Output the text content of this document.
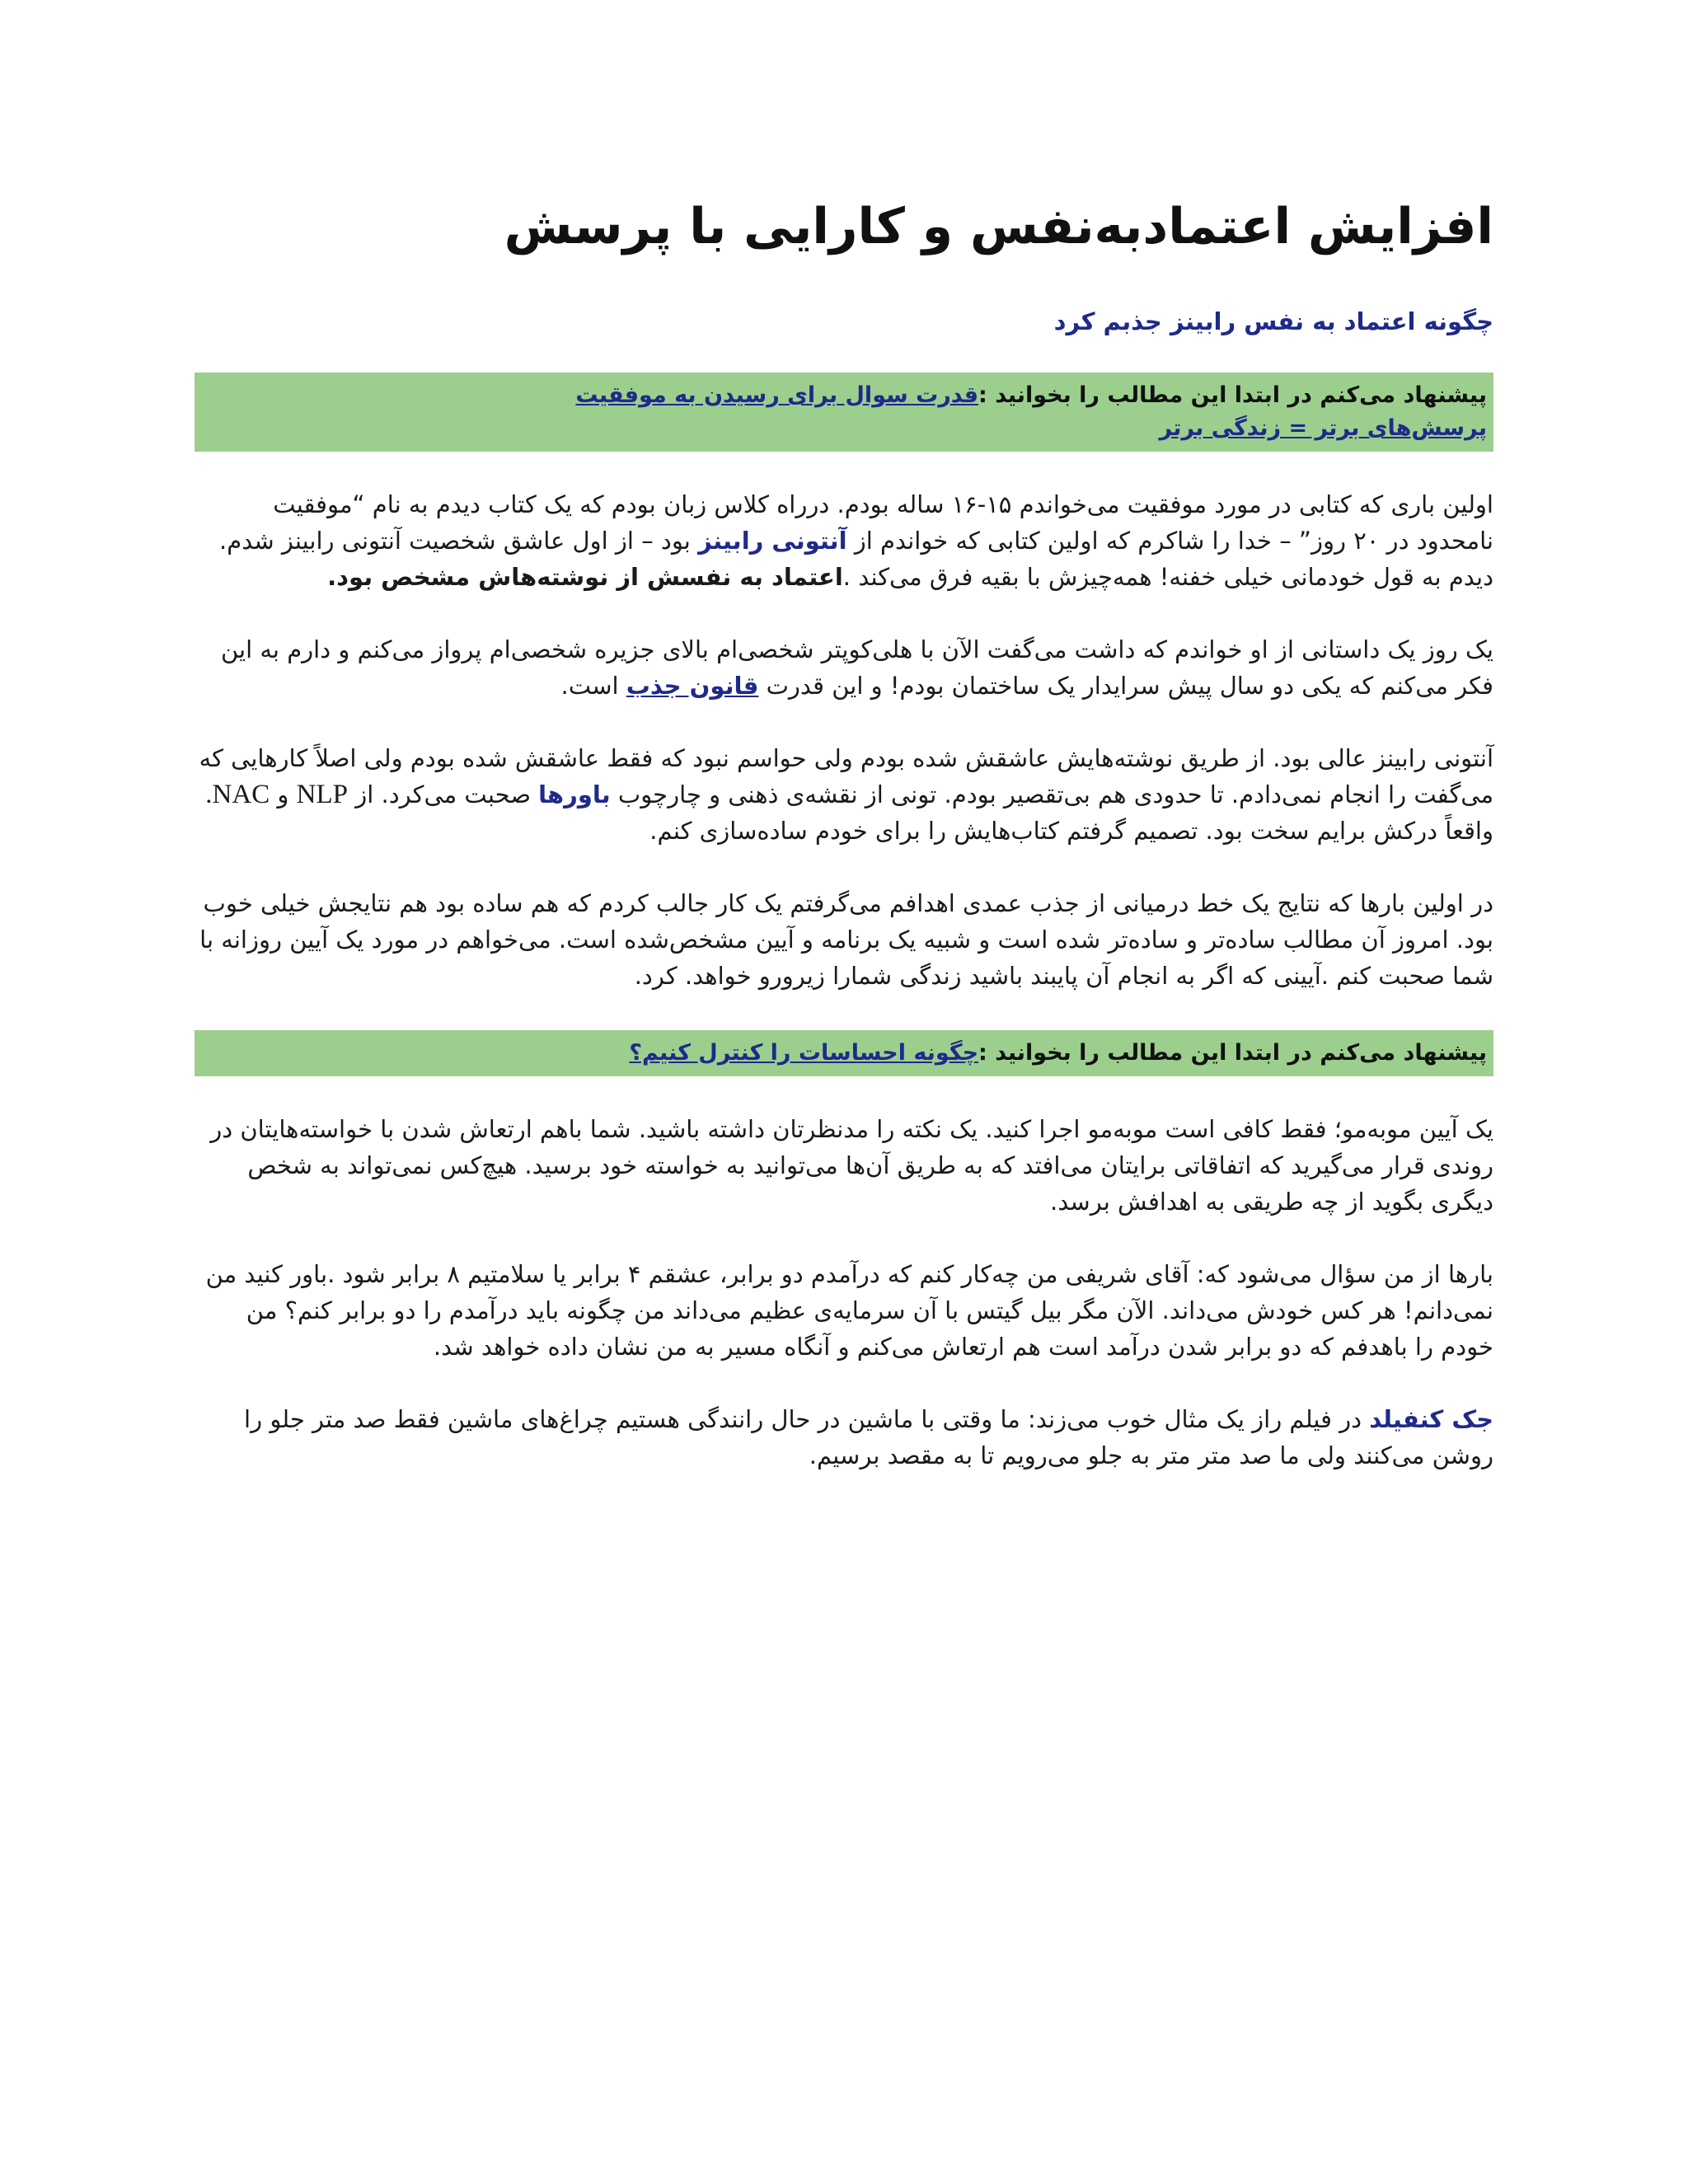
افزایش اعتمادبه‌نفس و کارایی با پرسش
چگونه اعتماد به نفس رابینز جذبم کرد
پیشنهاد می‌کنم در ابتدا این مطالب را بخوانید :قدرت سوال برای رسیدن به موفقیت
پرسش‌های برتر = زندگی برتر

اولین باری که کتابی در مورد موفقیت می‌خواندم ۱۵-۱۶ ساله بودم. درراه کلاس زبان بودم که یک کتاب دیدم به نام “موفقیت نامحدود در ۲۰ روز” – خدا را شاکرم که اولین کتابی که خواندم از آنتونی رابینز بود – از اول عاشق شخصیت آنتونی رابینز شدم. دیدم به قول خودمانی خیلی خفنه! همه‌چیزش با بقیه فرق می‌کند .اعتماد به نفسش از نوشته‌هاش مشخص بود.

یک روز یک داستانی از او خواندم که داشت می‌گفت الآن با هلی‌کوپتر شخصی‌ام بالای جزیره شخصی‌ام پرواز می‌کنم و دارم به این فکر می‌کنم که یکی دو سال پیش سرایدار یک ساختمان بودم! و این قدرت قانون جذب است.

آنتونی رابینز عالی بود. از طریق نوشته‌هایش عاشقش شده بودم ولی حواسم نبود که فقط عاشقش شده بودم ولی اصلاً کارهایی که می‌گفت را انجام نمی‌دادم. تا حدودی هم بی‌تقصیر بودم. تونی از نقشه‌ی ذهنی و چارچوب باورها صحبت می‌کرد. از NLP و NAC. واقعاً درکش برایم سخت بود. تصمیم گرفتم کتاب‌هایش را برای خودم ساده‌سازی کنم.

در اولین بارها که نتایج یک خط درمیانی از جذب عمدی اهدافم می‌گرفتم یک کار جالب کردم که هم ساده بود هم نتایجش خیلی خوب بود. امروز آن مطالب ساده‌تر و ساده‌تر شده است و شبیه یک برنامه و آیین مشخص‌شده است. می‌خواهم در مورد یک آیین روزانه با شما صحبت کنم .آیینی که اگر به انجام آن پایبند باشید زندگی شمارا زیرورو خواهد. کرد.

پیشنهاد می‌کنم در ابتدا این مطالب را بخوانید :چگونه احساسات را کنترل کنیم؟

یک آیین موبه‌مو؛ فقط کافی است موبه‌مو اجرا کنید. یک نکته را مدنظرتان داشته باشید. شما باهم ارتعاش شدن با خواسته‌هایتان در روندی قرار می‌گیرید که اتفاقاتی برایتان می‌افتد که به طریق آن‌ها می‌توانید به خواسته خود برسید. هیچ‌کس نمی‌تواند به شخص دیگری بگوید از چه طریقی به اهدافش برسد.

بارها از من سؤال می‌شود که: آقای شریفی من چه‌کار کنم که درآمدم دو برابر، عشقم ۴ برابر یا سلامتیم ۸ برابر شود .باور کنید من نمی‌دانم! هر کس خودش می‌داند. الآن مگر بیل گیتس با آن سرمایه‌ی عظیم می‌داند من چگونه باید درآمدم را دو برابر کنم؟ من خودم را باهدفم که دو برابر شدن درآمد است هم ارتعاش می‌کنم و آنگاه مسیر به من نشان داده خواهد شد.

جک کنفیلد در فیلم راز یک مثال خوب می‌زند: ما وقتی با ماشین در حال رانندگی هستیم چراغ‌های ماشین فقط صد متر جلو را روشن می‌کنند ولی ما صد متر متر به جلو می‌رویم تا به مقصد برسیم.
